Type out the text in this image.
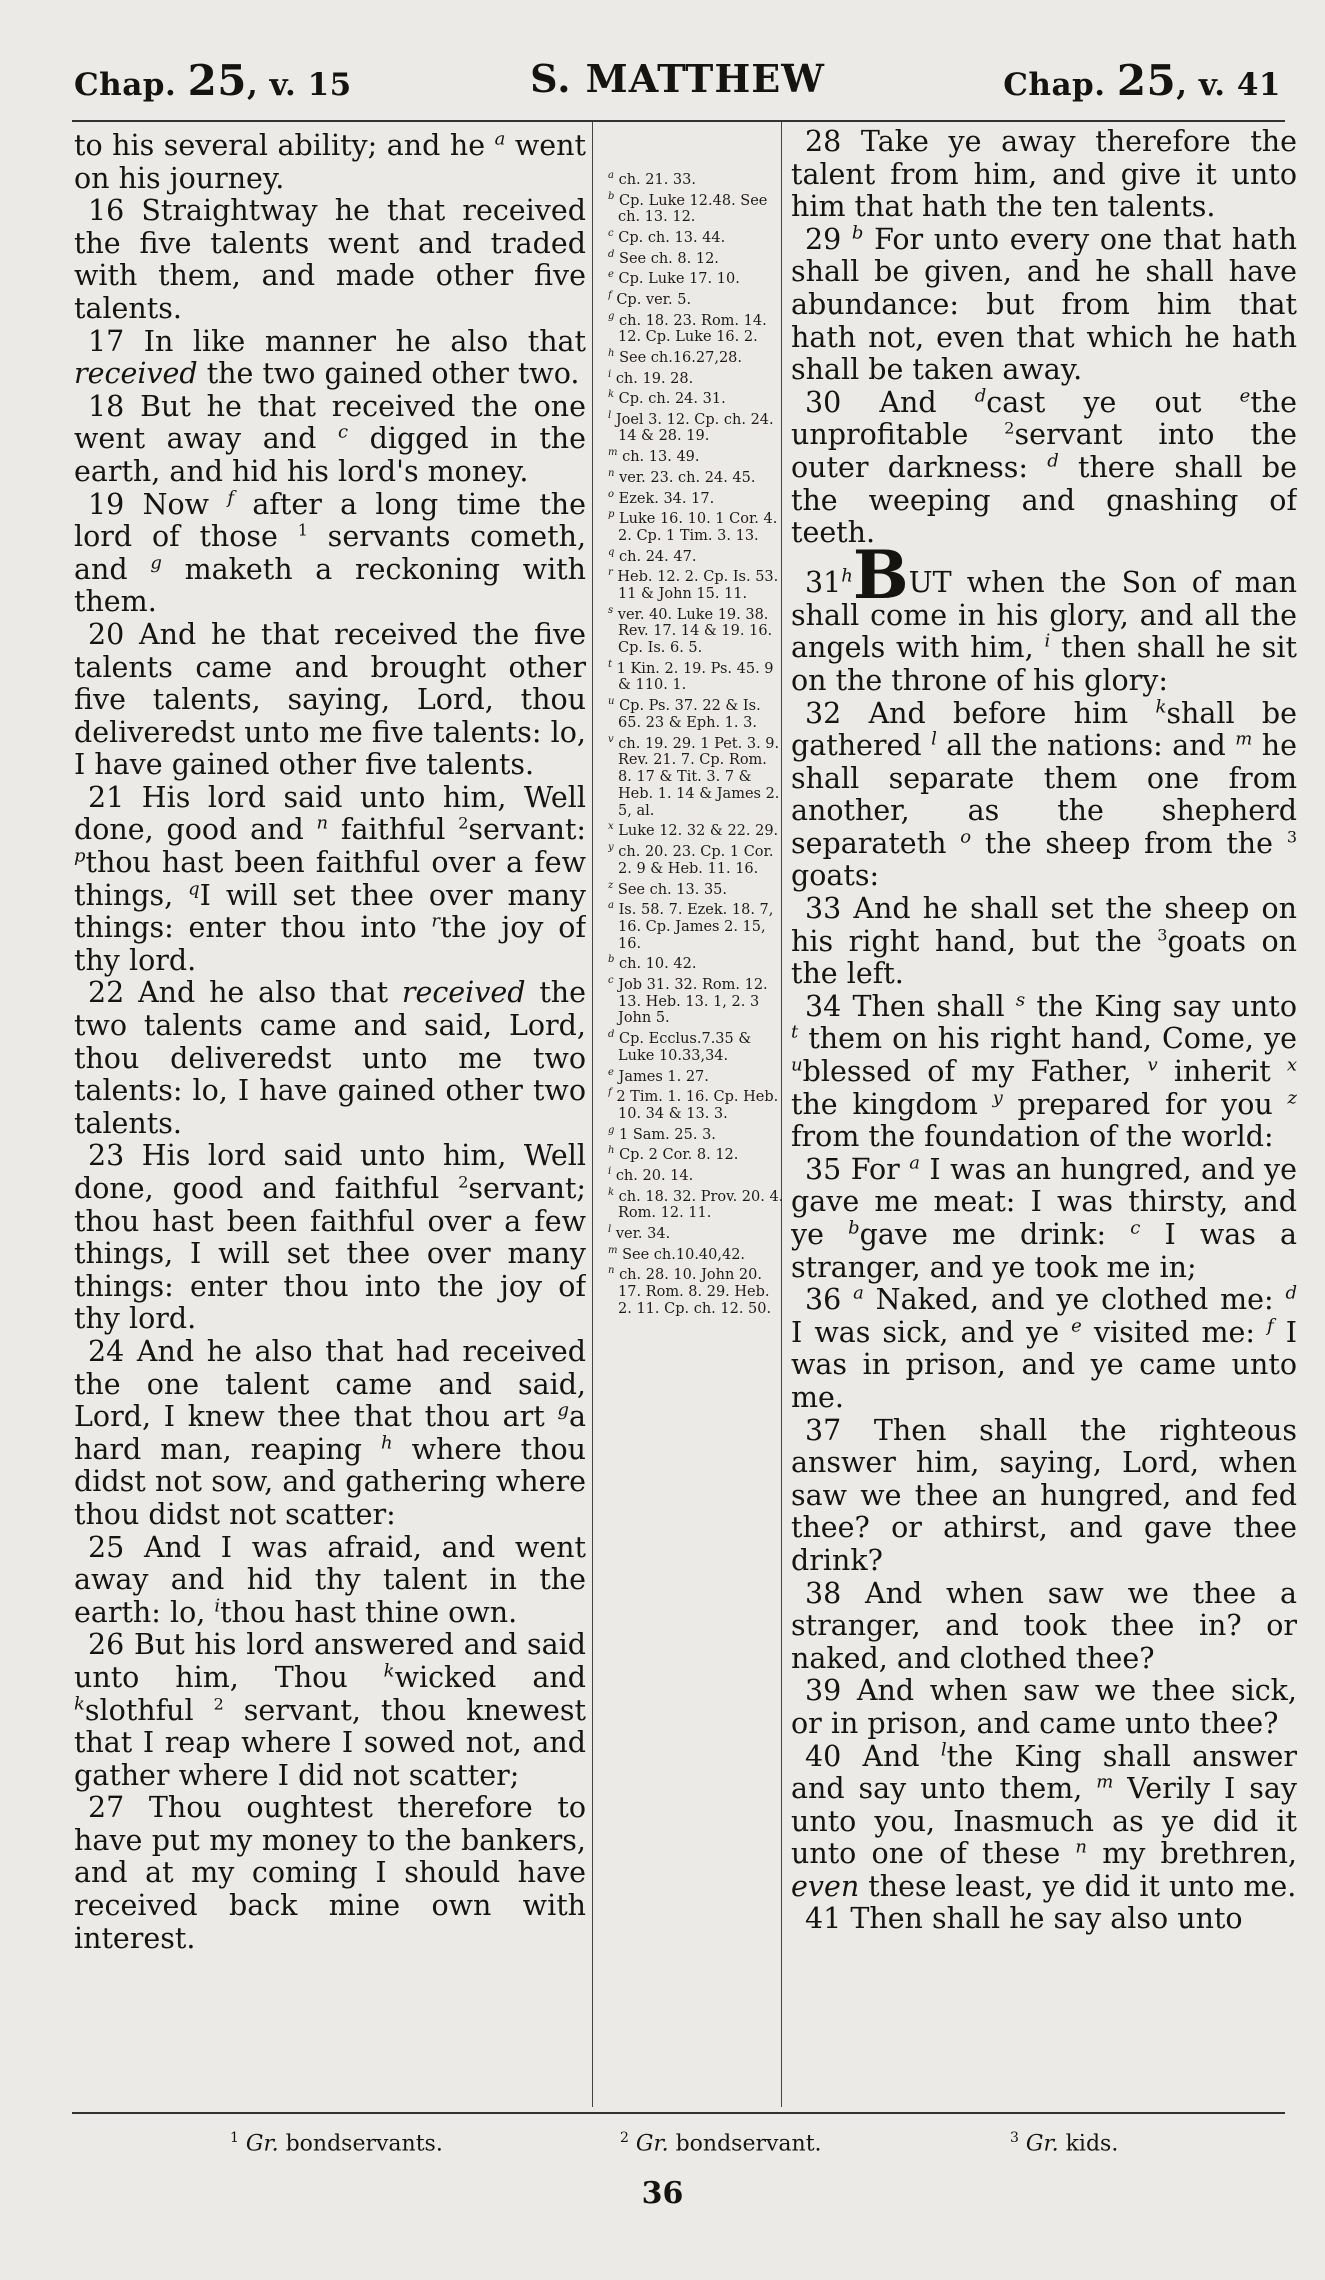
Chap. 25, v. 15	S. MATTHEW	Chap. 25, v. 41

to his several ability; and he $^a$ went on his journey.

16 Straightway he that received the five talents went and traded with them, and made other five talents.

17 In like manner he also that received the two gained other two.

18 But he that received the one went away and $^c$ digged in the earth, and hid his lord's money.

19 Now $^f$ after a long time the lord of those $^1$ servants cometh, and $^g$ maketh a reckoning with them.

20 And he that received the five talents came and brought other five talents, saying, Lord, thou deliveredst unto me five talents: lo, I have gained other five talents.

21 His lord said unto him, Well done, good and $^n$ faithful $^2$servant: $^p$thou hast been faithful over a few things, $^q$I will set thee over many things: enter thou into $^r$the joy of thy lord.

22 And he also that received the two talents came and said, Lord, thou deliveredst unto me two talents: lo, I have gained other two talents.

23 His lord said unto him, Well done, good and faithful $^2$servant; thou hast been faithful over a few things, I will set thee over many things: enter thou into the joy of thy lord.

24 And he also that had received the one talent came and said, Lord, I knew thee that thou art $^g$a hard man, reaping $^h$ where thou didst not sow, and gathering where thou didst not scatter:

25 And I was afraid, and went away and hid thy talent in the earth: lo, $^i$thou hast thine own.

26 But his lord answered and said unto him, Thou $^k$wicked and $^k$slothful $^2$ servant, thou knewest that I reap where I sowed not, and gather where I did not scatter;

27 Thou oughtest therefore to have put my money to the bankers, and at my coming I should have received back mine own with interest.

$^a$ ch. 21. 33.

$^b$ Cp. Luke 12.48. See ch. 13. 12.

$^c$ Cp. ch. 13. 44.

$^d$ See ch. 8. 12.

$^e$ Cp. Luke 17. 10.

$^f$ Cp. ver. 5.

$^g$ ch. 18. 23. Rom. 14. 12. Cp. Luke 16. 2.

$^h$ See ch.16.27,28.

$^i$ ch. 19. 28.

$^k$ Cp. ch. 24. 31.

$^l$ Joel 3. 12. Cp. ch. 24. 14 & 28. 19.

$^m$ ch. 13. 49.

$^n$ ver. 23. ch. 24. 45.

$^o$ Ezek. 34. 17.

$^p$ Luke 16. 10. 1 Cor. 4. 2. Cp. 1 Tim. 3. 13.

$^q$ ch. 24. 47.

$^r$ Heb. 12. 2. Cp. Is. 53. 11 & John 15. 11.

$^s$ ver. 40. Luke 19. 38. Rev. 17. 14 & 19. 16. Cp. Is. 6. 5.

$^t$ 1 Kin. 2. 19. Ps. 45. 9 & 110. 1.

$^u$ Cp. Ps. 37. 22 & Is. 65. 23 & Eph. 1. 3.

$^v$ ch. 19. 29. 1 Pet. 3. 9. Rev. 21. 7. Cp. Rom. 8. 17 & Tit. 3. 7 & Heb. 1. 14 & James 2. 5, al.

$^x$ Luke 12. 32 & 22. 29.

$^y$ ch. 20. 23. Cp. 1 Cor. 2. 9 & Heb. 11. 16.

$^z$ See ch. 13. 35.

$^a$ Is. 58. 7. Ezek. 18. 7, 16. Cp. James 2. 15, 16.

$^b$ ch. 10. 42.

$^c$ Job 31. 32. Rom. 12. 13. Heb. 13. 1, 2. 3 John 5.

$^d$ Cp. Ecclus.7.35 & Luke 10.33,34.

$^e$ James 1. 27.

$^f$ 2 Tim. 1. 16. Cp. Heb. 10. 34 & 13. 3.

$^g$ 1 Sam. 25. 3.

$^h$ Cp. 2 Cor. 8. 12.

$^i$ ch. 20. 14.

$^k$ ch. 18. 32. Prov. 20. 4. Rom. 12. 11.

$^l$ ver. 34.

$^m$ See ch.10.40,42.

$^n$ ch. 28. 10. John 20. 17. Rom. 8. 29. Heb. 2. 11. Cp. ch. 12. 50.

28 Take ye away therefore the talent from him, and give it unto him that hath the ten talents.

29 $^b$ For unto every one that hath shall be given, and he shall have abundance: but from him that hath not, even that which he hath shall be taken away.

30 And $^d$cast ye out $^e$the unprofitable $^2$servant into the outer darkness: $^d$ there shall be the weeping and gnashing of teeth.

31$^h$BUT when the Son of man shall come in his glory, and all the angels with him, $^i$ then shall he sit on the throne of his glory:

32 And before him $^k$shall be gathered $^l$ all the nations: and $^m$ he shall separate them one from another, as the shepherd separateth $^o$ the sheep from the $^3$ goats:

33 And he shall set the sheep on his right hand, but the $^3$goats on the left.

34 Then shall $^s$ the King say unto $^t$ them on his right hand, Come, ye $^u$blessed of my Father, $^v$ inherit $^x$ the kingdom $^y$ prepared for you $^z$ from the foundation of the world:

35 For $^a$ I was an hungred, and ye gave me meat: I was thirsty, and ye $^b$gave me drink: $^c$ I was a stranger, and ye took me in;

36 $^a$ Naked, and ye clothed me: $^d$ I was sick, and ye $^e$ visited me: $^f$ I was in prison, and ye came unto me.

37 Then shall the righteous answer him, saying, Lord, when saw we thee an hungred, and fed thee? or athirst, and gave thee drink?

38 And when saw we thee a stranger, and took thee in? or naked, and clothed thee?

39 And when saw we thee sick, or in prison, and came unto thee?

40 And $^l$the King shall answer and say unto them, $^m$ Verily I say unto you, Inasmuch as ye did it unto one of these $^n$ my brethren, even these least, ye did it unto me.

41 Then shall he say also unto

$^1$ Gr. bondservants.	$^2$ Gr. bondservant.	$^3$ Gr. kids.
36
